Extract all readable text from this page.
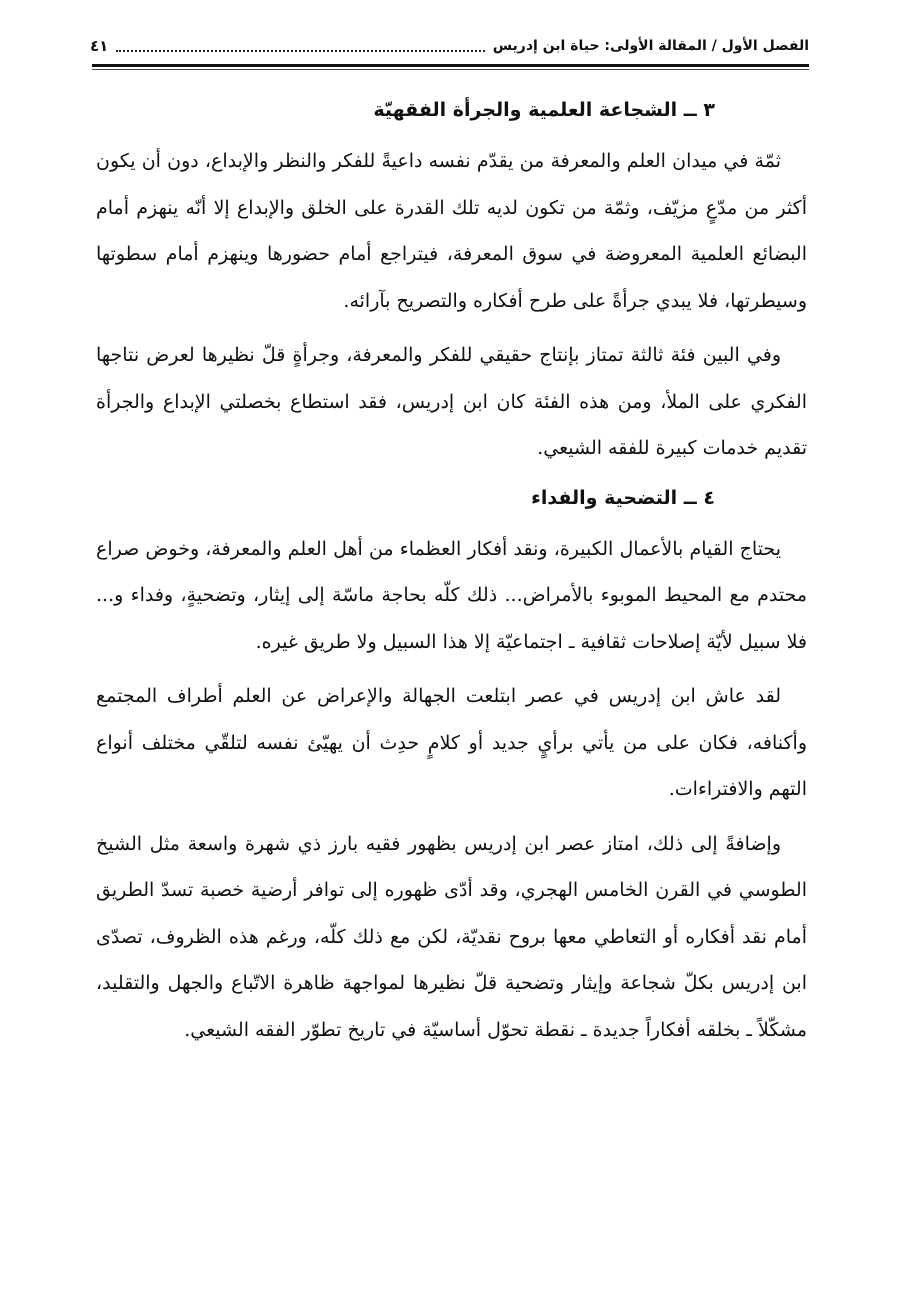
الفصل الأول / المقالة الأولى: حياة ابن إدريس
٤١
٣ ــ الشجاعة العلمية والجرأة الفقهيّة

ثمّة في ميدان العلم والمعرفة من يقدّم نفسه داعيةً للفكر والنظر والإبداع، دون أن يكون أكثر من مدّعٍ مزيّف، وثمّة من تكون لديه تلك القدرة على الخلق والإبداع إلا أنّه ينهزم أمام البضائع العلمية المعروضة في سوق المعرفة، فيتراجع أمام حضورها وينهزم أمام سطوتها وسيطرتها، فلا يبدي جرأةً على طرح أفكاره والتصريح بآرائه.

وفي البين فئة ثالثة تمتاز بإنتاج حقيقي للفكر والمعرفة، وجرأةٍ قلّ نظيرها لعرض نتاجها الفكري على الملأ، ومن هذه الفئة كان ابن إدريس، فقد استطاع بخصلتي الإبداع والجرأة تقديم خدمات كبيرة للفقه الشيعي.

٤ ــ التضحية والفداء

يحتاج القيام بالأعمال الكبيرة، ونقد أفكار العظماء من أهل العلم والمعرفة، وخوض صراع محتدم مع المحيط الموبوء بالأمراض... ذلك كلّه بحاجة ماسّة إلى إيثار، وتضحيةٍ، وفداء و... فلا سبيل لأيّة إصلاحات ثقافية ـ اجتماعيّة إلا هذا السبيل ولا طريق غيره.

لقد عاش ابن إدريس في عصر ابتلعت الجهالة والإعراض عن العلم أطراف المجتمع وأكنافه، فكان على من يأتي برأيٍ جديد أو كلامٍ حدِث أن يهيّئ نفسه لتلقّي مختلف أنواع التهم والافتراءات.

وإضافةً إلى ذلك، امتاز عصر ابن إدريس بظهور فقيه بارز ذي شهرة واسعة مثل الشيخ الطوسي في القرن الخامس الهجري، وقد أدّى ظهوره إلى توافر أرضية خصبة تسدّ الطريق أمام نقد أفكاره أو التعاطي معها بروح نقديّة، لكن مع ذلك كلّه، ورغم هذه الظروف، تصدّى ابن إدريس بكلّ شجاعة وإيثار وتضحية قلّ نظيرها لمواجهة ظاهرة الاتّباع والجهل والتقليد، مشكّلاً ـ بخلقه أفكاراً جديدة ـ نقطة تحوّل أساسيّة في تاريخ تطوّر الفقه الشيعي.
